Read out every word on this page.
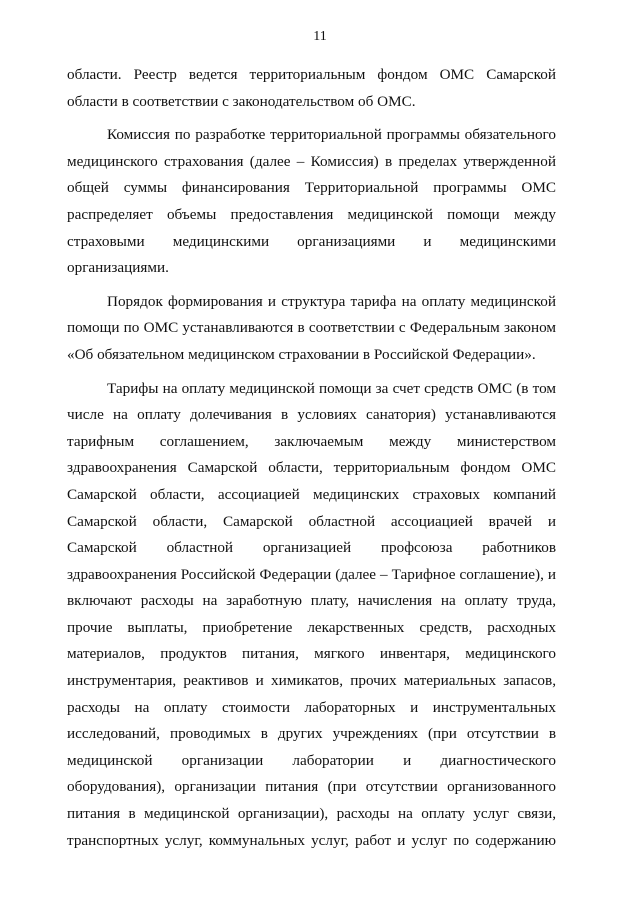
11
области. Реестр ведется территориальным фондом ОМС Самарской
области в соответствии с законодательством об ОМС.
Комиссия по разработке территориальной программы обязательного
медицинского страхования (далее – Комиссия) в пределах утвержденной
общей суммы финансирования Территориальной программы ОМС
распределяет объемы предоставления медицинской помощи между
страховыми медицинскими организациями и медицинскими
организациями.
Порядок формирования и структура тарифа на оплату медицинской
помощи по ОМС устанавливаются в соответствии с Федеральным законом
«Об обязательном медицинском страховании в Российской Федерации».
Тарифы на оплату медицинской помощи за счет средств ОМС (в том
числе на оплату долечивания в условиях санатория) устанавливаются
тарифным соглашением, заключаемым между министерством
здравоохранения Самарской области, территориальным фондом ОМС
Самарской области, ассоциацией медицинских страховых компаний
Самарской области, Самарской областной ассоциацией врачей и
Самарской областной организацией профсоюза работников
здравоохранения Российской Федерации (далее – Тарифное соглашение), и
включают расходы на заработную плату, начисления на оплату труда,
прочие выплаты, приобретение лекарственных средств, расходных
материалов, продуктов питания, мягкого инвентаря, медицинского
инструментария, реактивов и химикатов, прочих материальных запасов,
расходы на оплату стоимости лабораторных и инструментальных
исследований, проводимых в других учреждениях (при отсутствии в
медицинской организации лаборатории и диагностического
оборудования), организации питания (при отсутствии организованного
питания в медицинской организации), расходы на оплату услуг связи,
транспортных услуг, коммунальных услуг, работ и услуг по содержанию
